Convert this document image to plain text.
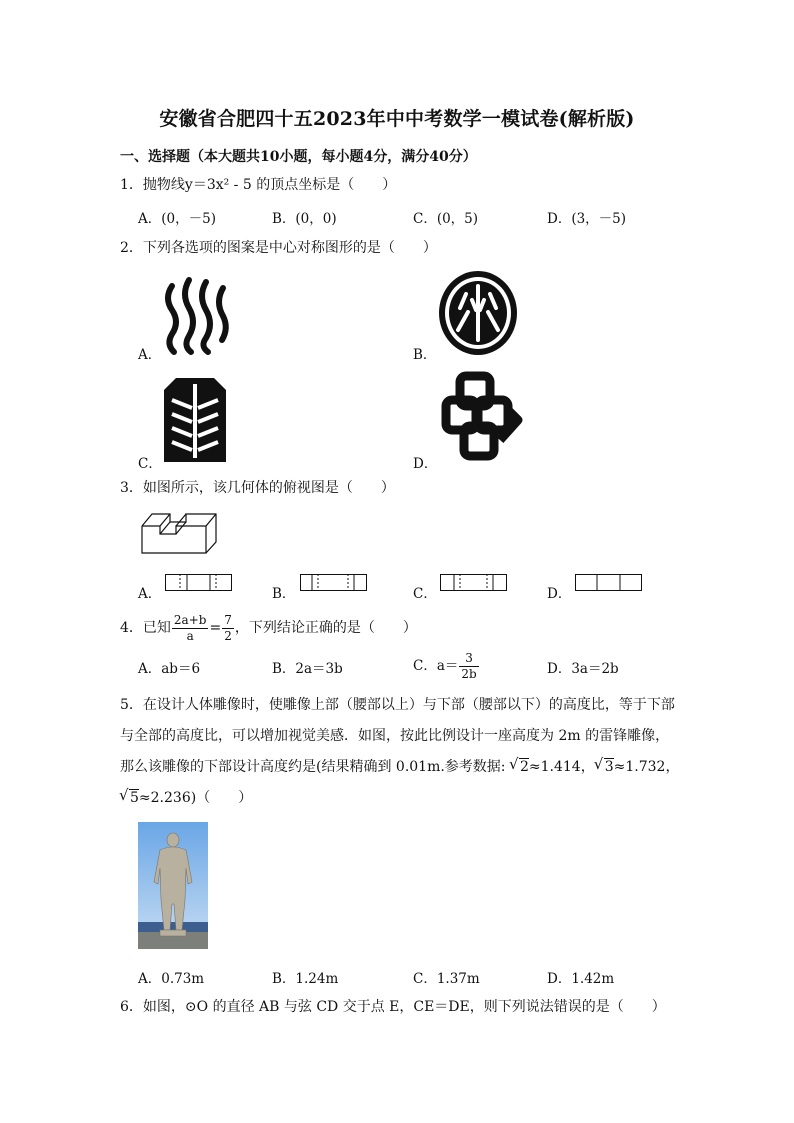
安徽省合肥四十五2023年中中考数学一模试卷(解析版)
一、选择题（本大题共10小题，每小题4分，满分40分）
1．抛物线y＝3x² - 5 的顶点坐标是（　　）
A．(0，－5)	B．(0，0)	C．(0，5)	D．(3，－5)
2．下列各选项的图案是中心对称图形的是（　　）
A．	B．
C．	D．
3．如图所示，该几何体的俯视图是（　　）
A．	B．	C．	D．
4．已知 $\frac{2a+b}{a} = \frac{7}{2}$ ，下列结论正确的是（　　）
A．ab＝6	B．2a＝3b	C．$a= \frac{3}{2b}$	D．3a＝2b
5．在设计人体雕像时，使雕像上部（腰部以上）与下部（腰部以下）的高度比，等于下部
与全部的高度比，可以增加视觉美感．如图，按此比例设计一座高度为 2m 的雷锋雕像，
那么该雕像的下部设计高度约是(结果精确到 0.01m.参考数据: √ 2≈1.414，√ 3≈1.732，
√ 5≈2.236)（　　）
A．0.73m	B．1.24m	C．1.37m	D．1.42m
6．如图，⊙O 的直径 AB 与弦 CD 交于点 E，CE＝DE，则下列说法错误的是（　　）
